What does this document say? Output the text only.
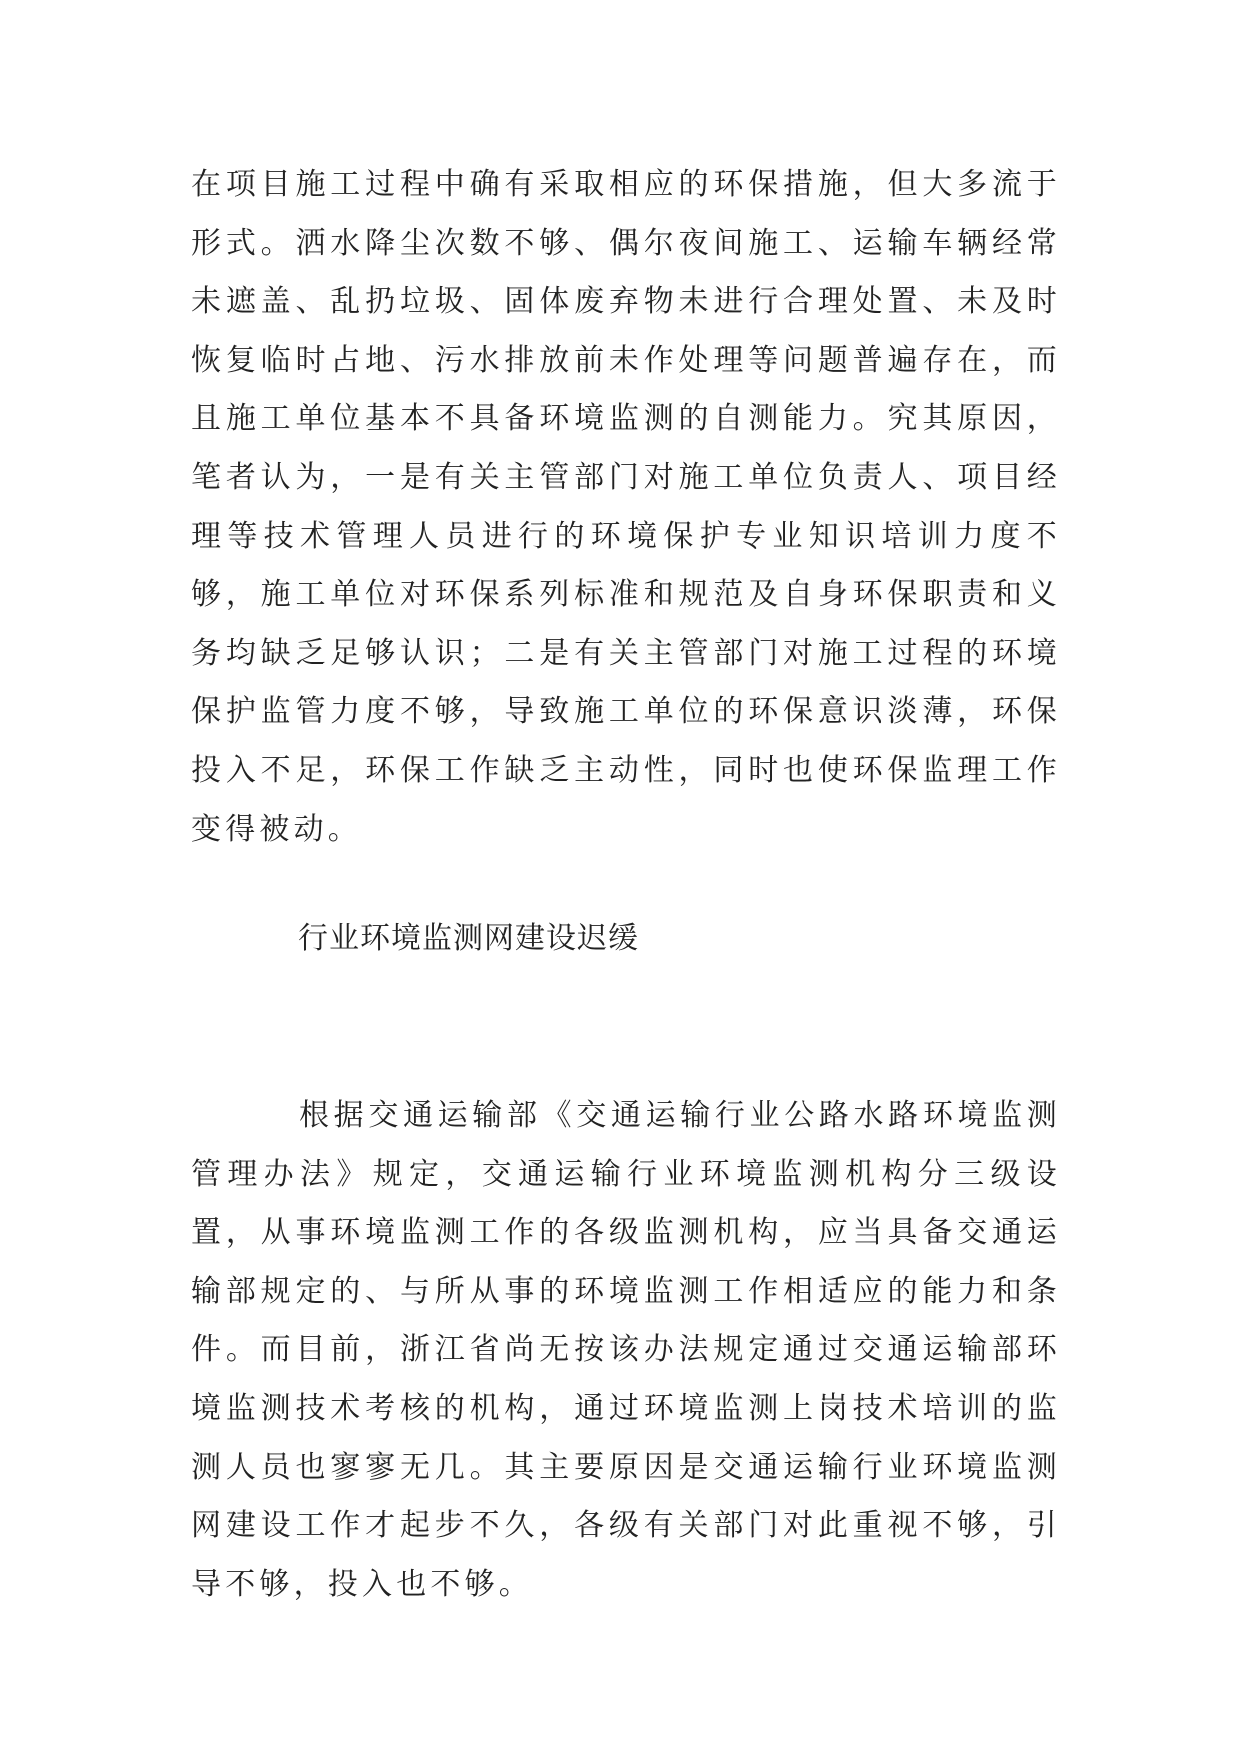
在项目施工过程中确有采取相应的环保措施，但大多流于形式。洒水降尘次数不够、偶尔夜间施工、运输车辆经常未遮盖、乱扔垃圾、固体废弃物未进行合理处置、未及时恢复临时占地、污水排放前未作处理等问题普遍存在，而且施工单位基本不具备环境监测的自测能力。究其原因，笔者认为，一是有关主管部门对施工单位负责人、项目经理等技术管理人员进行的环境保护专业知识培训力度不够，施工单位对环保系列标准和规范及自身环保职责和义务均缺乏足够认识；二是有关主管部门对施工过程的环境保护监管力度不够，导致施工单位的环保意识淡薄，环保投入不足，环保工作缺乏主动性，同时也使环保监理工作变得被动。

行业环境监测网建设迟缓

根据交通运输部《交通运输行业公路水路环境监测管理办法》规定，交通运输行业环境监测机构分三级设置，从事环境监测工作的各级监测机构，应当具备交通运输部规定的、与所从事的环境监测工作相适应的能力和条件。而目前，浙江省尚无按该办法规定通过交通运输部环境监测技术考核的机构，通过环境监测上岗技术培训的监测人员也寥寥无几。其主要原因是交通运输行业环境监测网建设工作才起步不久，各级有关部门对此重视不够，引导不够，投入也不够。
